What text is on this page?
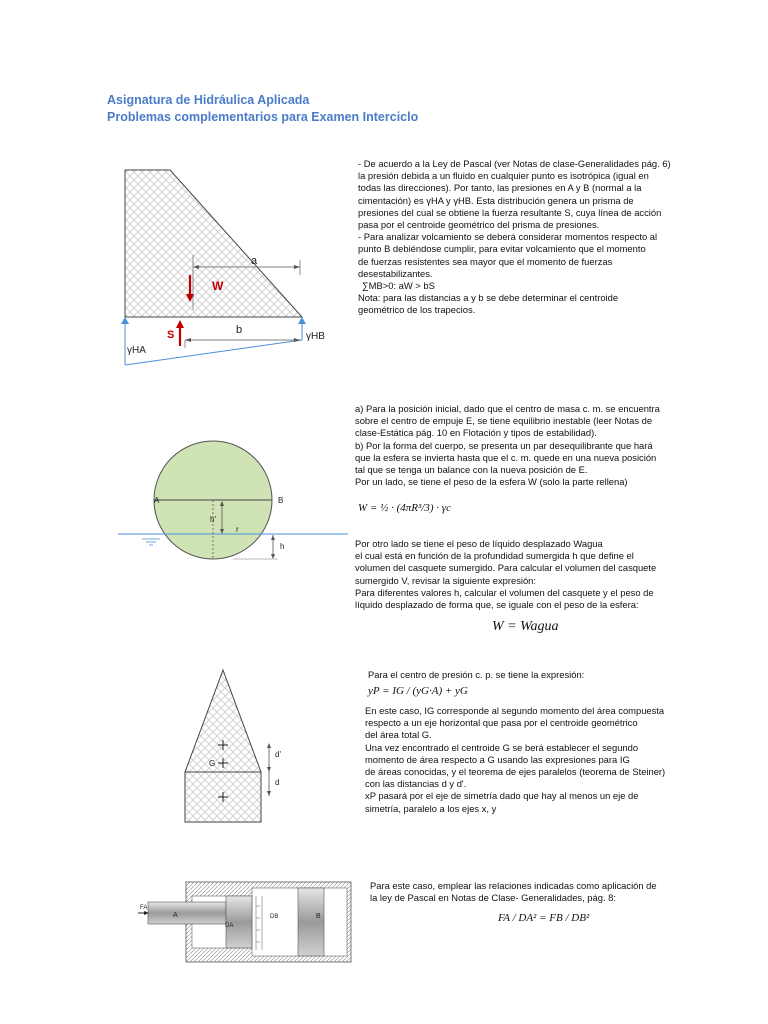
Asignatura de Hidráulica Aplicada
Problemas complementarios para Examen Interciclo
a
W
S	b
γHA
γHB

- De acuerdo a la Ley de Pascal (ver Notas de clase-Generalidades pág. 6)

la presión debida a un fluido en cualquier punto es isotrópica (igual en

todas las direcciones). Por tanto, las presiones en A y B (normal a la

cimentación) es γHA y γHB. Esta distribución genera un prisma de

presiones del cual se obtiene la fuerza resultante S, cuya línea de acción

pasa por el centroide geométrico del prisma de presiones.

- Para analizar volcamiento se deberá considerar momentos respecto al

punto B debiéndose cumplir, para evitar volcamiento que el momento

de fuerzas resistentes sea mayor que el momento de fuerzas

desestabilizantes.

∑MB>0: aW > bS

Nota: para las distancias a y b se debe determinar el centroide

geométrico de los trapecios.

A	B
h'
r
h

a) Para la posición inicial, dado que el centro de masa c. m. se encuentra

sobre el centro de empuje E, se tiene equilibrio inestable (leer Notas de

clase-Estática pág. 10 en Flotación y tipos de estabilidad).

b) Por la forma del cuerpo, se presenta un par desequilibrante que hará

que la esfera se invierta hasta que el c. m. quede en una nueva posición

tal que se tenga un balance con la nueva posición de E.

Por un lado, se tiene el peso de la esfera W (solo la parte rellena)

W = ½ · (4πR³/3) · γc

Por otro lado se tiene el peso de líquido desplazado Wagua

el cual está en función de la profundidad sumergida h que define el

volumen del casquete sumergido. Para calcular el volumen del casquete

sumergido V, revisar la siguiente expresión:

Para diferentes valores h, calcular el volumen del casquete y el peso de

líquido desplazado de forma que, se iguale con el peso de la esfera:

W = Wagua
G
d'
d
Para el centro de presión c. p. se tiene la expresión:
yP = IG / (yG·A) + yG

En este caso, IG corresponde al segundo momento del área compuesta

respecto a un eje horizontal que pasa por el centroide geométrico

del área total G.

Una vez encontrado el centroide G se berá establecer el segundo

momento de área respecto a G usando las expresiones para IG

de áreas conocidas, y el teorema de ejes paralelos (teorema de Steiner)

con las distancias d y d'.

xP pasará por el eje de simetría dado que hay al menos un eje de

simetría, paralelo a los ejes x, y

A
FA
DA
DB	B

Para este caso, emplear las relaciones indicadas como aplicación de

la ley de Pascal en Notas de Clase- Generalidades, pág. 8:

FA / DA² = FB / DB²
